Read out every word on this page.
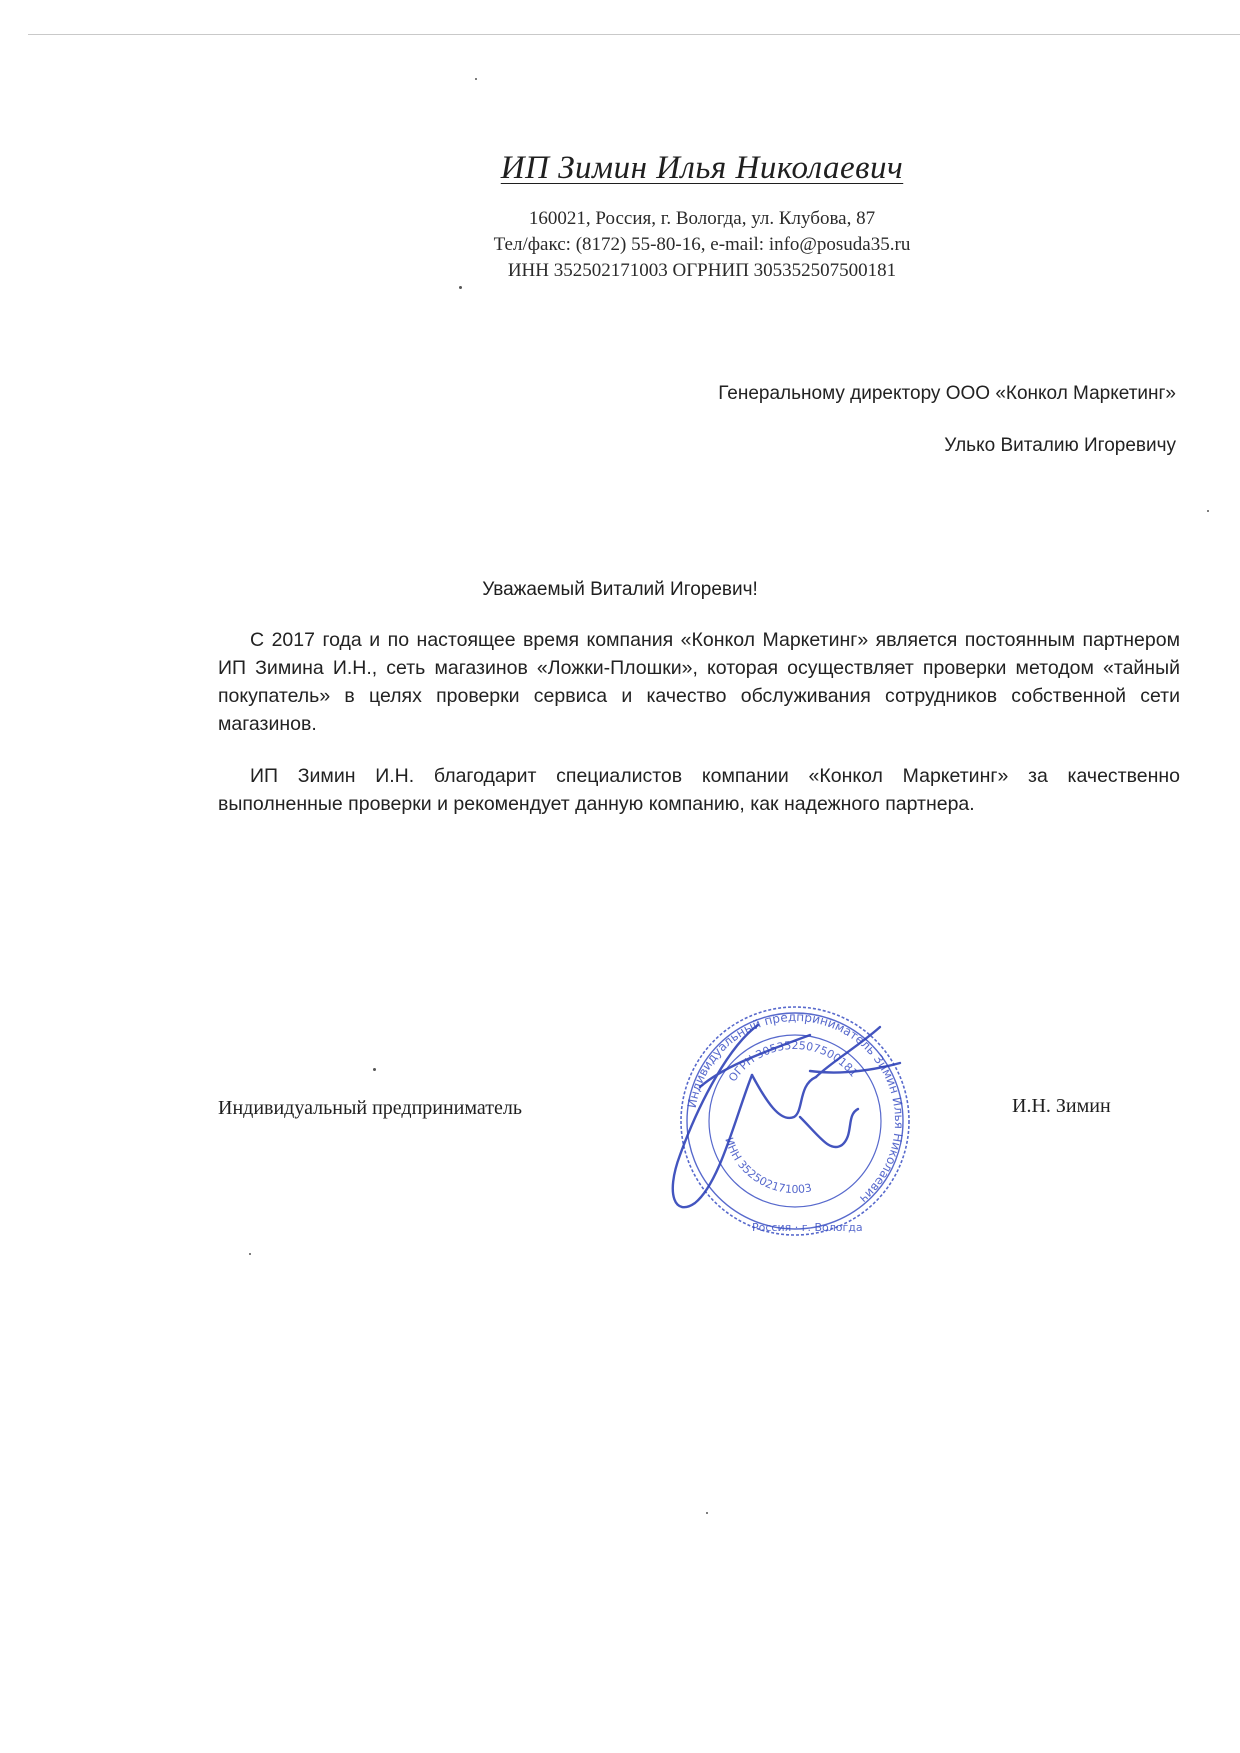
ИП Зимин Илья Николаевич
160021, Россия, г. Вологда, ул. Клубова, 87
Тел/факс: (8172) 55-80-16, e-mail: info@posuda35.ru
ИНН 352502171003 ОГРНИП 305352507500181
Генеральному директору ООО «Конкол Маркетинг»
Улько Виталию Игоревичу
Уважаемый Виталий Игоревич!

С 2017 года и по настоящее время компания «Конкол Маркетинг» является постоянным партнером ИП Зимина И.Н., сеть магазинов «Ложки-Плошки», которая осуществляет проверки методом «тайный покупатель» в целях проверки сервиса и качество обслуживания сотрудников собственной сети магазинов.

ИП Зимин И.Н. благодарит специалистов компании «Конкол Маркетинг» за качественно выполненные проверки и рекомендует данную компанию, как надежного партнера.

Индивидуальный предприниматель	Индивидуальный предприниматель Зимин Илья Николаевич
ОГРН 305352507500181
ИНН 352502171003
Россия · г. Вологда
И.Н. Зимин
